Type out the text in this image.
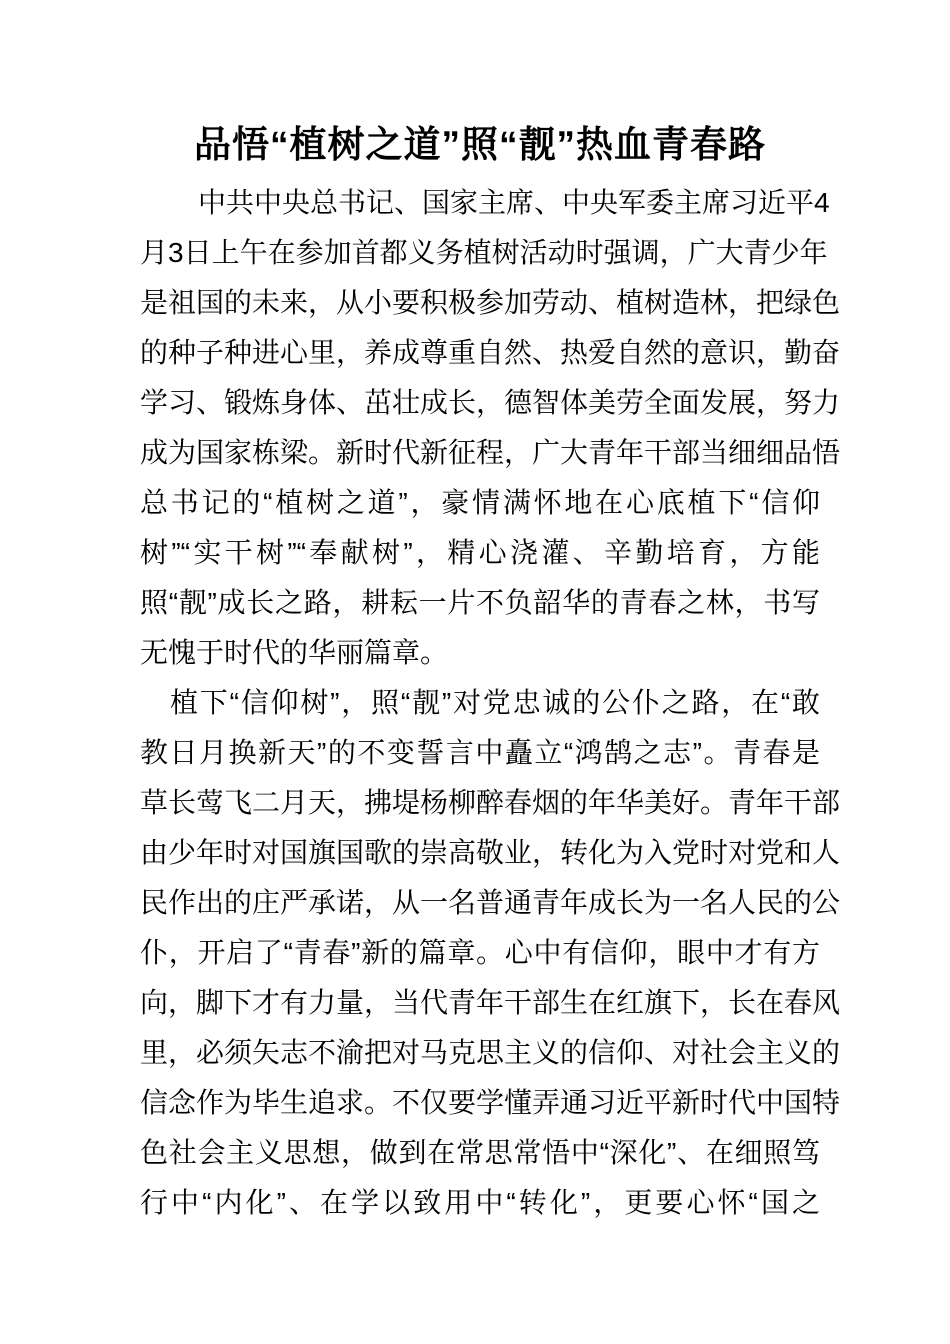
品悟“植树之道”照“靓”热血青春路
中共中央总书记、国家主席、中央军委主席习近平4
月3日上午在参加首都义务植树活动时强调，广大青少年
是祖国的未来，从小要积极参加劳动、植树造林，把绿色
的种子种进心里，养成尊重自然、热爱自然的意识，勤奋
学习、锻炼身体、茁壮成长，德智体美劳全面发展，努力
成为国家栋梁。新时代新征程，广大青年干部当细细品悟
总书记的“植树之道”，豪情满怀地在心底植下“信仰
树”“实干树”“奉献树”，精心浇灌、辛勤培育，方能
照“靓”成长之路，耕耘一片不负韶华的青春之林，书写
无愧于时代的华丽篇章。
植下“信仰树”，照“靓”对党忠诚的公仆之路，在“敢
教日月换新天”的不变誓言中矗立“鸿鹄之志”。青春是
草长莺飞二月天，拂堤杨柳醉春烟的年华美好。青年干部
由少年时对国旗国歌的崇高敬业，转化为入党时对党和人
民作出的庄严承诺，从一名普通青年成长为一名人民的公
仆，开启了“青春”新的篇章。心中有信仰，眼中才有方
向，脚下才有力量，当代青年干部生在红旗下，长在春风
里，必须矢志不渝把对马克思主义的信仰、对社会主义的
信念作为毕生追求。不仅要学懂弄通习近平新时代中国特
色社会主义思想，做到在常思常悟中“深化”、在细照笃
行中“内化”、在学以致用中“转化”，更要心怀“国之
